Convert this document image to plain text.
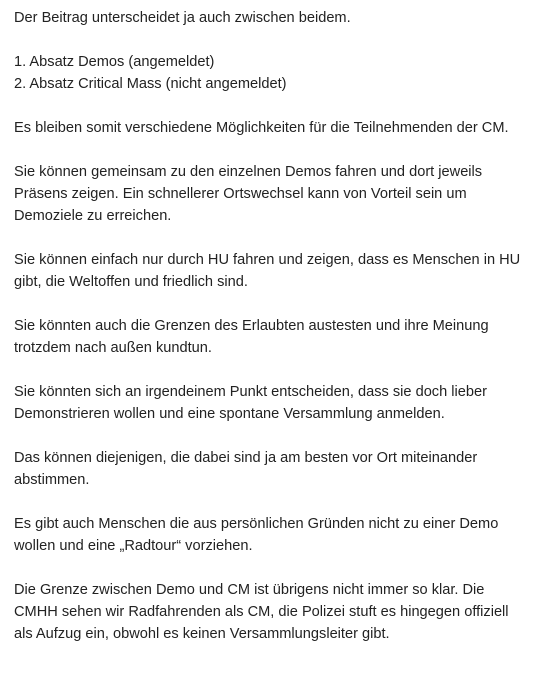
Der Beitrag unterscheidet ja auch zwischen beidem.

1. Absatz Demos (angemeldet)
2. Absatz Critical Mass (nicht angemeldet)

Es bleiben somit verschiedene Möglichkeiten für die Teilnehmenden der CM.

Sie können gemeinsam zu den einzelnen Demos fahren und dort jeweils Präsens zeigen. Ein schnellerer Ortswechsel kann von Vorteil sein um Demoziele zu erreichen.

Sie können einfach nur durch HU fahren und zeigen, dass es Menschen in HU gibt, die Weltoffen und friedlich sind.

Sie könnten auch die Grenzen des Erlaubten austesten und ihre Meinung trotzdem nach außen kundtun.

Sie könnten sich an irgendeinem Punkt entscheiden, dass sie doch lieber Demonstrieren wollen und eine spontane Versammlung anmelden.

Das können diejenigen, die dabei sind ja am besten vor Ort miteinander abstimmen.

Es gibt auch Menschen die aus persönlichen Gründen nicht zu einer Demo wollen und eine „Radtour“ vorziehen.

Die Grenze zwischen Demo und CM ist übrigens nicht immer so klar. Die CMHH sehen wir Radfahrenden als CM, die Polizei stuft es hingegen offiziell als Aufzug ein, obwohl es keinen Versammlungsleiter gibt.
